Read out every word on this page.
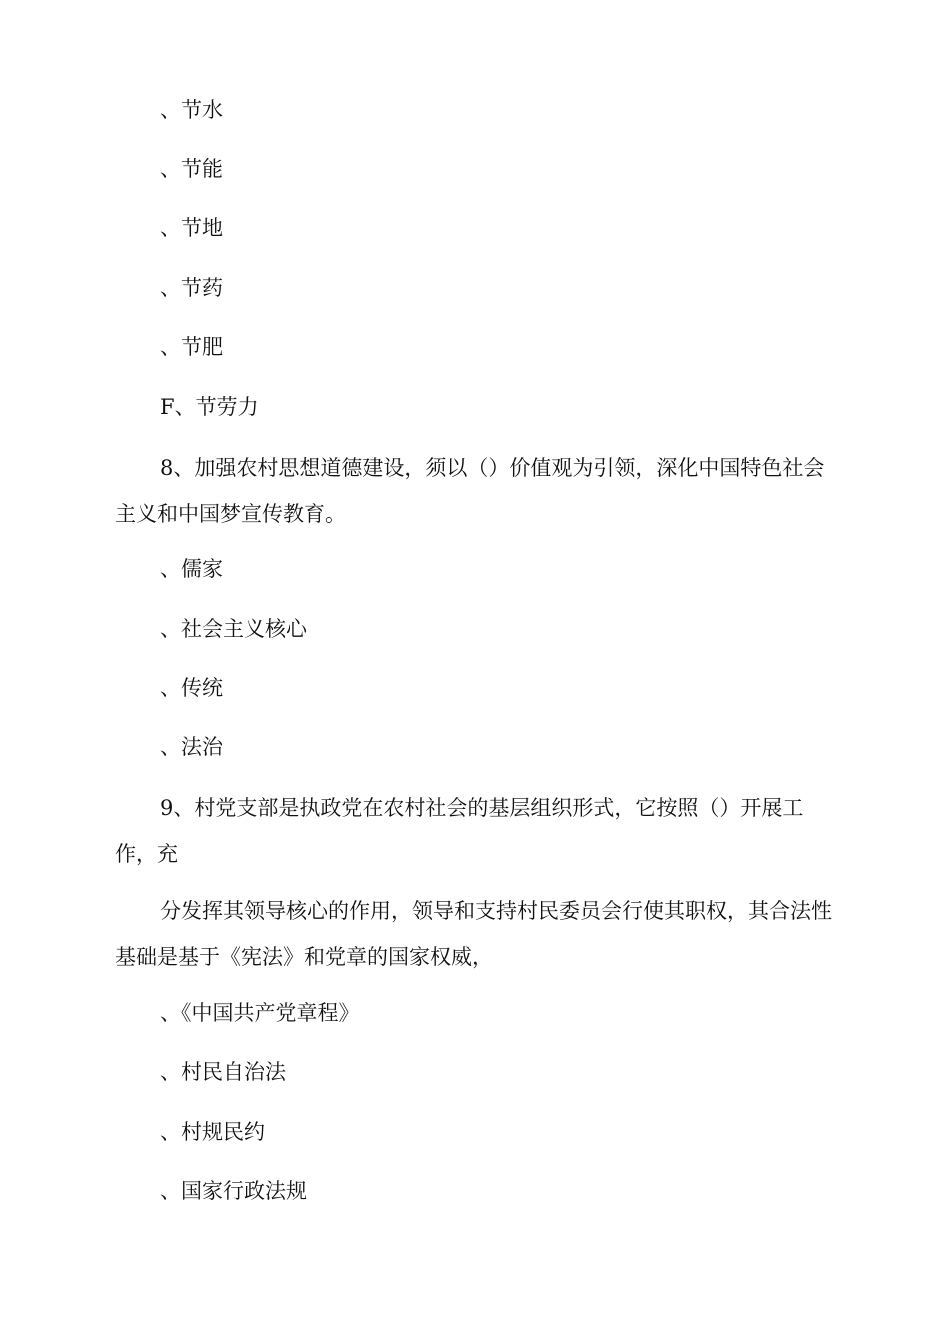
、节水
、节能
、节地
、节药
、节肥
F、节劳力

8、加强农村思想道德建设，须以（）价值观为引领，深化中国特色社会主义和中国梦宣传教育。

、儒家
、社会主义核心
、传统
、法治

9、村党支部是执政党在农村社会的基层组织形式，它按照（）开展工作，充

分发挥其领导核心的作用，领导和支持村民委员会行使其职权，其合法性基础是基于《宪法》和党章的国家权威，

、《中国共产党章程》
、村民自治法
、村规民约
、国家行政法规
